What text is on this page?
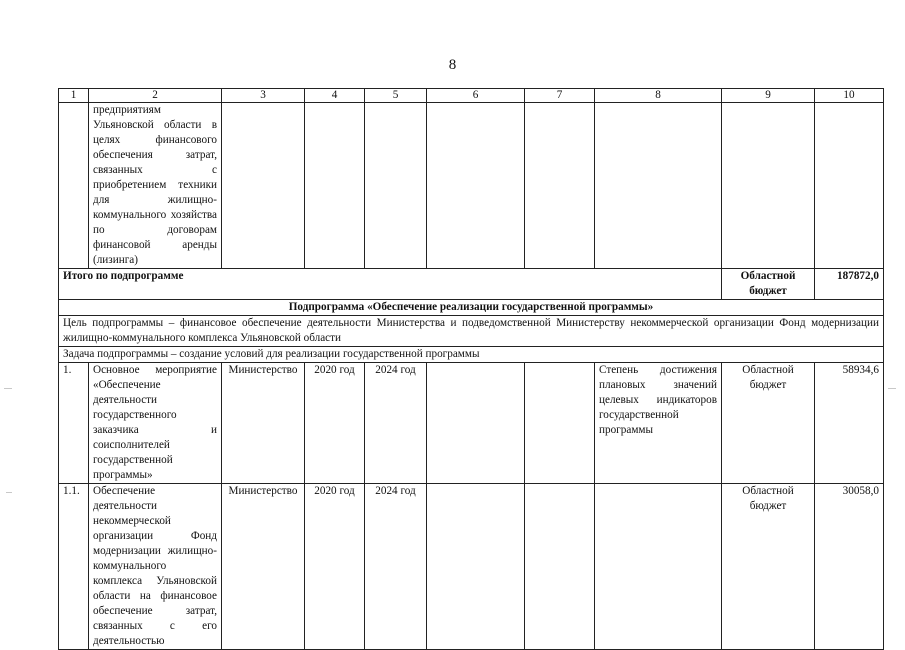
8
1	2	3	4	5	6	7	8	9	10
	предприятиям Ульяновской области в целях финансового обеспечения затрат, связанных с приобретением техники для жилищно-коммунального хозяйства по договорам финансовой аренды (лизинга)								
Итого по подпрограмме								Областной бюджет	187872,0
Подпрограмма «Обеспечение реализации государственной программы»									
Цель подпрограммы – финансовое обеспечение деятельности Министерства и подведомственной Министерству некоммерческой организации Фонд модернизации жилищно-коммунального комплекса Ульяновской области									
Задача подпрограммы – создание условий для реализации государственной программы									
1.	Основное мероприятие «Обеспечение деятельности государственного заказчика и соисполнителей государственной программы»	Министерство	2020 год	2024 год			Степень достижения плановых значений целевых индикаторов государственной программы	Областной бюджет	58934,6
1.1.	Обеспечение деятельности некоммерческой организации Фонд модернизации жилищно-коммунального комплекса Ульяновской области на финансовое обеспечение затрат, связанных с его деятельностью	Министерство	2020 год	2024 год				Областной бюджет	30058,0
